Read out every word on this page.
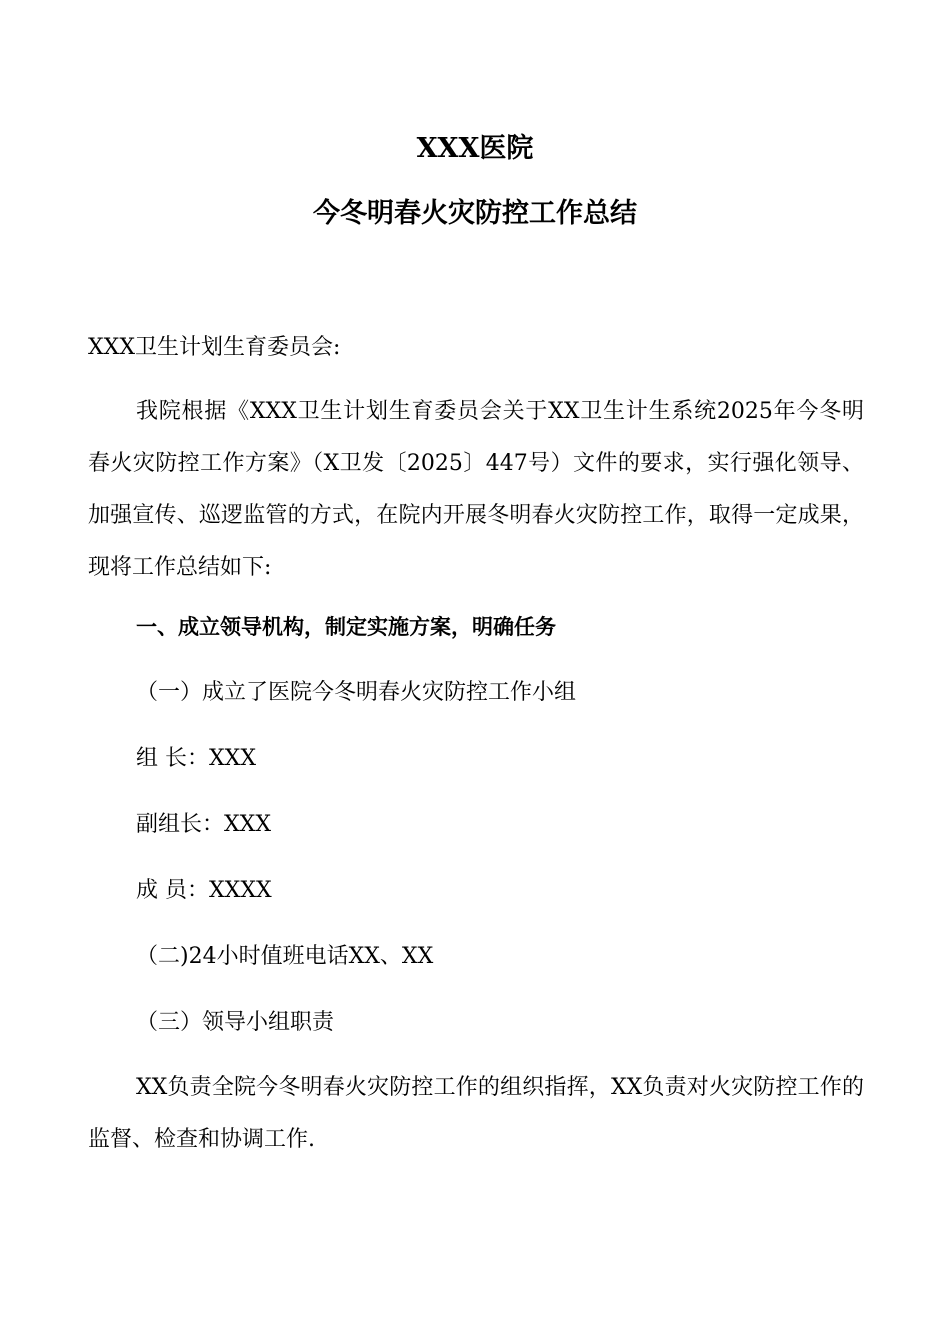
XXX医院
今冬明春火灾防控工作总结

XXX卫生计划生育委员会:

我院根据《XXX卫生计划生育委员会关于XX卫生计生系统2025年今冬明春火灾防控工作方案》（X卫发〔2025〕447号）文件的要求，实行强化领导、加强宣传、巡逻监管的方式，在院内开展冬明春火灾防控工作，取得一定成果，现将工作总结如下:

一、成立领导机构，制定实施方案，明确任务

（一）成立了医院今冬明春火灾防控工作小组

组 长：XXX

副组长：XXX

成 员：XXXX

（二)24小时值班电话XX、XX

（三）领导小组职责

XX负责全院今冬明春火灾防控工作的组织指挥，XX负责对火灾防控工作的监督、检查和协调工作.
